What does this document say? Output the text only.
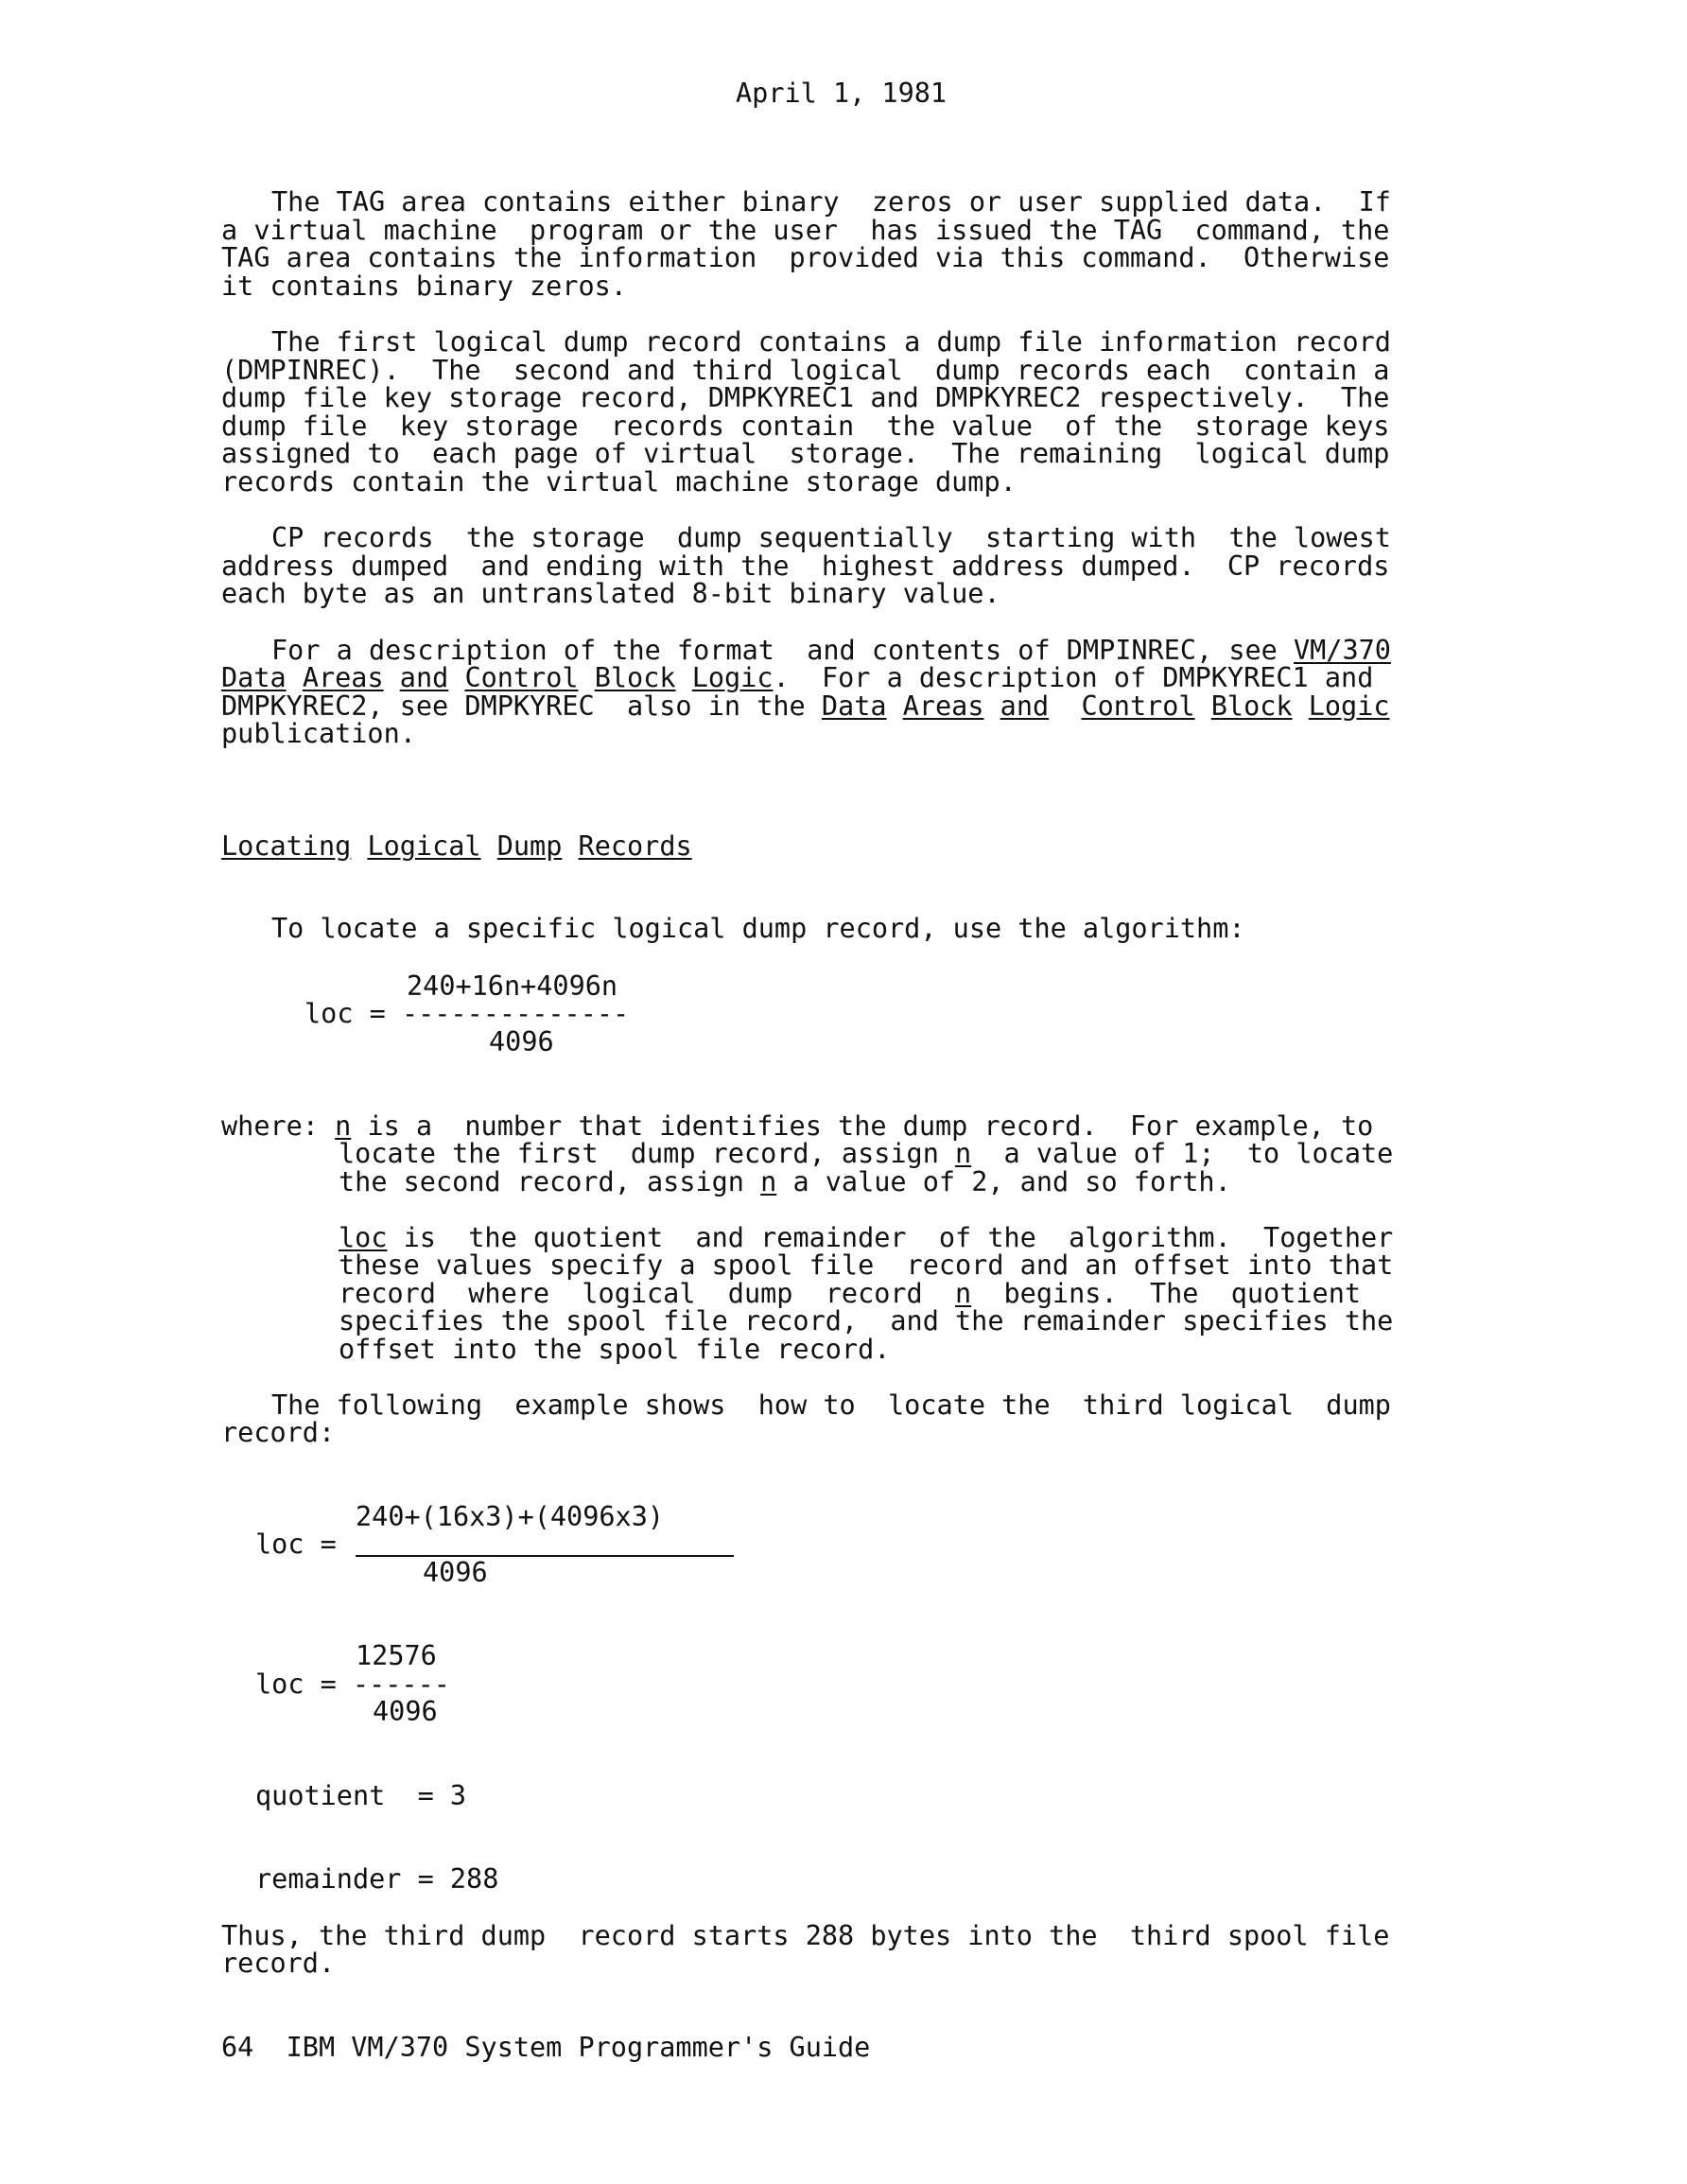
April 1, 1981
The TAG area contains either binary  zeros or user supplied data.  If
a virtual machine  program or the user  has issued the TAG  command, the
TAG area contains the information  provided via this command.  Otherwise
it contains binary zeros.
The first logical dump record contains a dump file information record
(DMPINREC).  The  second and third logical  dump records each  contain a
dump file key storage record, DMPKYREC1 and DMPKYREC2 respectively.  The
dump file  key storage  records contain  the value  of the  storage keys
assigned to  each page of virtual  storage.  The remaining  logical dump
records contain the virtual machine storage dump.
CP records  the storage  dump sequentially  starting with  the lowest
address dumped  and ending with the  highest address dumped.  CP records
each byte as an untranslated 8-bit binary value.
For a description of the format  and contents of DMPINREC, see VM/370
Data Areas and Control Block Logic.  For a description of DMPKYREC1 and
DMPKYREC2, see DMPKYREC  also in the Data Areas and Control Block Logic
publication.
Locating Logical Dump Records
To locate a specific logical dump record, use the algorithm:
240+16n+4096n
loc = --------------
4096
where: n is a  number that identifies the dump record.  For example, to
locate the first  dump record, assign n  a value of 1;  to locate
the second record, assign n a value of 2, and so forth.
loc is  the quotient  and remainder  of the  algorithm.  Together
these values specify a spool file  record and an offset into that
record  where  logical  dump  record  n  begins.  The  quotient
specifies the spool file record,  and the remainder specifies the
offset into the spool file record.
The following  example shows  how to  locate the  third logical  dump
record:
240+(16x3)+(4096x3)
loc =
4096
12576
loc = ------
4096
quotient  = 3
remainder = 288
Thus, the third dump  record starts 288 bytes into the  third spool file
record.
64  IBM VM/370 System Programmer's Guide
